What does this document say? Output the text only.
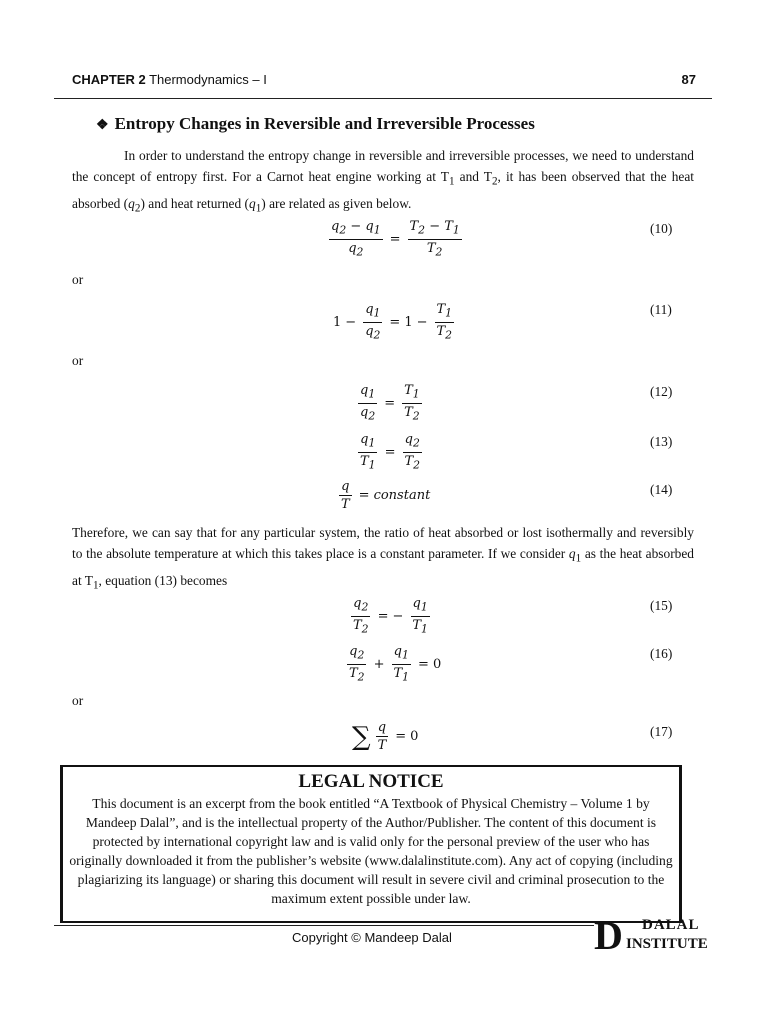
CHAPTER 2 Thermodynamics – I	87
❖ Entropy Changes in Reversible and Irreversible Processes

In order to understand the entropy change in reversible and irreversible processes, we need to understand the concept of entropy first. For a Carnot heat engine working at $T_1$ and $T_2$, it has been observed that the heat absorbed $(q_2)$ and heat returned $(q_1)$ are related as given below.

$\frac{q_2 - q_1}{q_2} = \frac{T_2 - T_1}{T_2}$	(10)
or
$1 - \frac{q_1}{q_2} = 1 - \frac{T_1}{T_2}$	(11)
or
$\frac{q_1}{q_2} = \frac{T_1}{T_2}$	(12)
$\frac{q_1}{T_1} = \frac{q_2}{T_2}$	(13)
$\frac{q}{T}$ = constant	(14)

Therefore, we can say that for any particular system, the ratio of heat absorbed or lost isothermally and reversibly to the absolute temperature at which this takes place is a constant parameter. If we consider $q_1$ as the heat absorbed at $T_1$, equation (13) becomes

$\frac{q_2}{T_2}$ = − $\frac{q_1}{T_1}$	(15)
$\frac{q_2}{T_2} + \frac{q_1}{T_1} = 0$
(16)
or
∑ $\frac{q}{T} = 0$	(17)
LEGAL NOTICE
This document is an excerpt from the book entitled “A Textbook of Physical Chemistry – Volume 1 by Mandeep Dalal”, and is the intellectual property of the Author/Publisher. The content of this document is protected by international copyright law and is valid only for the personal preview of the user who has originally downloaded it from the publisher’s website (www.dalalinstitute.com). Any act of copying (including plagiarizing its language) or sharing this document will result in severe civil and criminal prosecution to the maximum extent possible under law.
Copyright © Mandeep Dalal	D DALAL
INSTITUTE
